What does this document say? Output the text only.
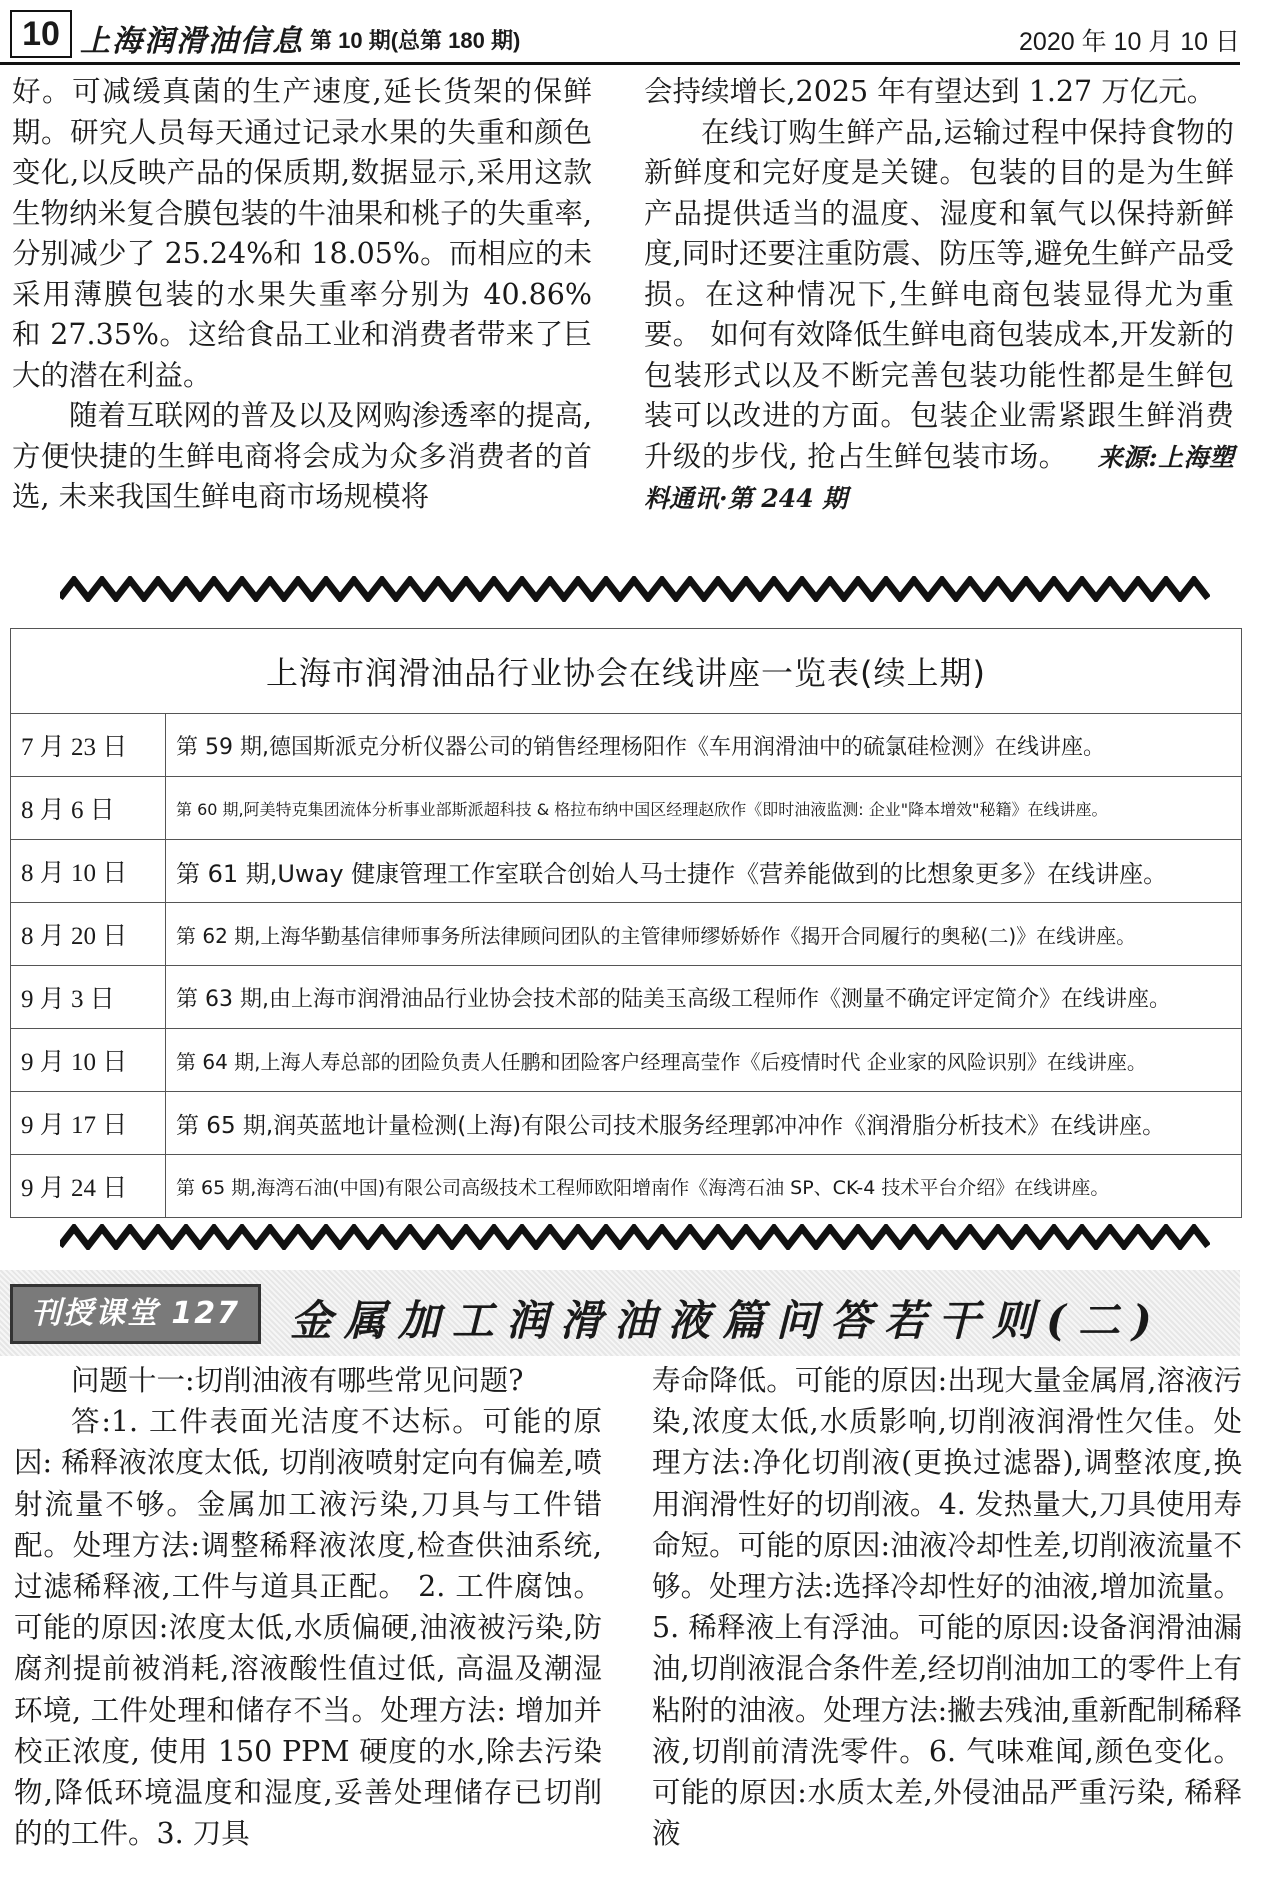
10 上海润滑油信息 第 10 期(总第 180 期)	2020 年 10 月 10 日

好。可减缓真菌的生产速度,延长货架的保鲜期。研究人员每天通过记录水果的失重和颜色变化,以反映产品的保质期,数据显示,采用这款生物纳米复合膜包装的牛油果和桃子的失重率,分别减少了 25.24%和 18.05%。而相应的未采用薄膜包装的水果失重率分别为 40.86% 和 27.35%。这给食品工业和消费者带来了巨大的潜在利益。

随着互联网的普及以及网购渗透率的提高, 方便快捷的生鲜电商将会成为众多消费者的首选, 未来我国生鲜电商市场规模将

会持续增长,2025 年有望达到 1.27 万亿元。

在线订购生鲜产品,运输过程中保持食物的新鲜度和完好度是关键。包装的目的是为生鲜产品提供适当的温度、湿度和氧气以保持新鲜度,同时还要注重防震、防压等,避免生鲜产品受损。在这种情况下,生鲜电商包装显得尤为重要。 如何有效降低生鲜电商包装成本,开发新的包装形式以及不断完善包装功能性都是生鲜包装可以改进的方面。包装企业需紧跟生鲜消费升级的步伐, 抢占生鲜包装市场。 来源:上海塑料通讯·第 244 期

上海市润滑油品行业协会在线讲座一览表(续上期)	
7 月 23 日	第 59 期,德国斯派克分析仪器公司的销售经理杨阳作《车用润滑油中的硫氯硅检测》在线讲座。
8 月 6 日	第 60 期,阿美特克集团流体分析事业部斯派超科技 & 格拉布纳中国区经理赵欣作《即时油液监测: 企业"降本增效"秘籍》在线讲座。
8 月 10 日	第 61 期,Uway 健康管理工作室联合创始人马士捷作《营养能做到的比想象更多》在线讲座。
8 月 20 日	第 62 期,上海华勤基信律师事务所法律顾问团队的主管律师缪娇娇作《揭开合同履行的奥秘(二)》在线讲座。
9 月 3 日	第 63 期,由上海市润滑油品行业协会技术部的陆美玉高级工程师作《测量不确定评定简介》在线讲座。
9 月 10 日	第 64 期,上海人寿总部的团险负责人任鹏和团险客户经理高莹作《后疫情时代 企业家的风险识别》在线讲座。
9 月 17 日	第 65 期,润英蓝地计量检测(上海)有限公司技术服务经理郭冲冲作《润滑脂分析技术》在线讲座。
9 月 24 日	第 65 期,海湾石油(中国)有限公司高级技术工程师欧阳增南作《海湾石油 SP、CK-4 技术平台介绍》在线讲座。
刊授课堂 127	金属加工润滑油液篇问答若干则(二)

问题十一:切削油液有哪些常见问题?

答:1. 工件表面光洁度不达标。可能的原因: 稀释液浓度太低, 切削液喷射定向有偏差,喷射流量不够。金属加工液污染,刀具与工件错配。处理方法:调整稀释液浓度,检查供油系统,过滤稀释液,工件与道具正配。 2. 工件腐蚀。可能的原因:浓度太低,水质偏硬,油液被污染,防腐剂提前被消耗,溶液酸性值过低, 高温及潮湿环境, 工件处理和储存不当。处理方法: 增加并校正浓度, 使用 150 PPM 硬度的水,除去污染物,降低环境温度和湿度,妥善处理储存已切削的的工件。3. 刀具

寿命降低。可能的原因:出现大量金属屑,溶液污染,浓度太低,水质影响,切削液润滑性欠佳。处理方法:净化切削液(更换过滤器),调整浓度,换用润滑性好的切削液。4. 发热量大,刀具使用寿命短。可能的原因:油液冷却性差,切削液流量不够。处理方法:选择冷却性好的油液,增加流量。5. 稀释液上有浮油。可能的原因:设备润滑油漏油,切削液混合条件差,经切削油加工的零件上有粘附的油液。处理方法:撇去残油,重新配制稀释液,切削前清洗零件。6. 气味难闻,颜色变化。可能的原因:水质太差,外侵油品严重污染, 稀释液
